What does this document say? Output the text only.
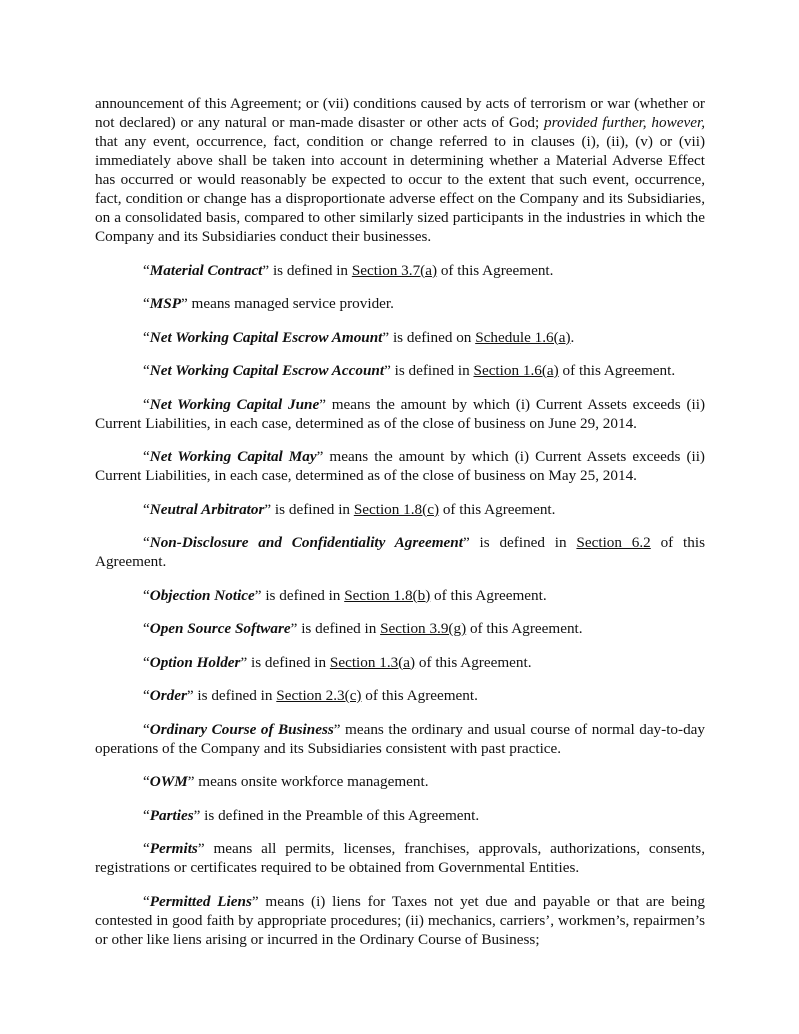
announcement of this Agreement; or (vii) conditions caused by acts of terrorism or war (whether or not declared) or any natural or man-made disaster or other acts of God; provided further, however, that any event, occurrence, fact, condition or change referred to in clauses (i), (ii), (v) or (vii) immediately above shall be taken into account in determining whether a Material Adverse Effect has occurred or would reasonably be expected to occur to the extent that such event, occurrence, fact, condition or change has a disproportionate adverse effect on the Company and its Subsidiaries, on a consolidated basis, compared to other similarly sized participants in the industries in which the Company and its Subsidiaries conduct their businesses.

“Material Contract” is defined in Section 3.7(a) of this Agreement.

“MSP” means managed service provider.

“Net Working Capital Escrow Amount” is defined on Schedule 1.6(a).

“Net Working Capital Escrow Account” is defined in Section 1.6(a) of this Agreement.

“Net Working Capital June” means the amount by which (i) Current Assets exceeds (ii) Current Liabilities, in each case, determined as of the close of business on June 29, 2014.

“Net Working Capital May” means the amount by which (i) Current Assets exceeds (ii) Current Liabilities, in each case, determined as of the close of business on May 25, 2014.

“Neutral Arbitrator” is defined in Section 1.8(c) of this Agreement.

“Non-Disclosure and Confidentiality Agreement” is defined in Section 6.2 of this Agreement.

“Objection Notice” is defined in Section 1.8(b) of this Agreement.

“Open Source Software” is defined in Section 3.9(g) of this Agreement.

“Option Holder” is defined in Section 1.3(a) of this Agreement.

“Order” is defined in Section 2.3(c) of this Agreement.

“Ordinary Course of Business” means the ordinary and usual course of normal day-to-day operations of the Company and its Subsidiaries consistent with past practice.

“OWM” means onsite workforce management.

“Parties” is defined in the Preamble of this Agreement.

“Permits” means all permits, licenses, franchises, approvals, authorizations, consents, registrations or certificates required to be obtained from Governmental Entities.

“Permitted Liens” means (i) liens for Taxes not yet due and payable or that are being contested in good faith by appropriate procedures; (ii) mechanics, carriers’, workmen’s, repairmen’s or other like liens arising or incurred in the Ordinary Course of Business;
